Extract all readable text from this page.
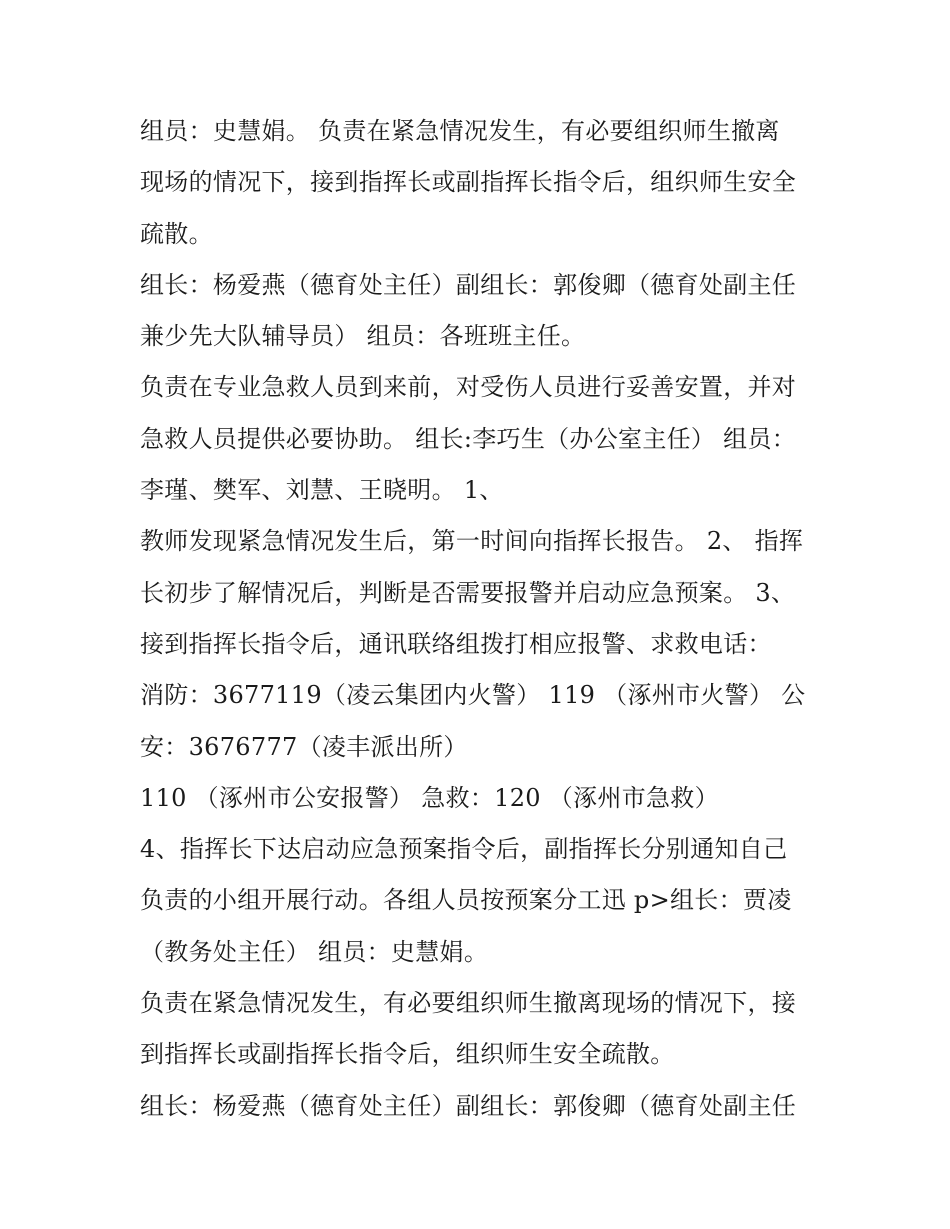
组员：史慧娟。 负责在紧急情况发生，有必要组织师生撤离
现场的情况下，接到指挥长或副指挥长指令后，组织师生安全
疏散。
组长：杨爱燕（德育处主任）副组长：郭俊卿（德育处副主任
兼少先大队辅导员） 组员：各班班主任。
负责在专业急救人员到来前，对受伤人员进行妥善安置，并对
急救人员提供必要协助。 组长:李巧生（办公室主任） 组员：
李瑾、樊军、刘慧、王晓明。 1、
教师发现紧急情况发生后，第一时间向指挥长报告。 2、 指挥
长初步了解情况后，判断是否需要报警并启动应急预案。 3、
接到指挥长指令后，通讯联络组拨打相应报警、求救电话：
消防：3677119（凌云集团内火警） 119 （涿州市火警） 公
安：3676777（凌丰派出所）
110 （涿州市公安报警） 急救：120 （涿州市急救）
4、指挥长下达启动应急预案指令后，副指挥长分别通知自己
负责的小组开展行动。各组人员按预案分工迅 p>组长：贾凌
（教务处主任） 组员：史慧娟。
负责在紧急情况发生，有必要组织师生撤离现场的情况下，接
到指挥长或副指挥长指令后，组织师生安全疏散。
组长：杨爱燕（德育处主任）副组长：郭俊卿（德育处副主任
